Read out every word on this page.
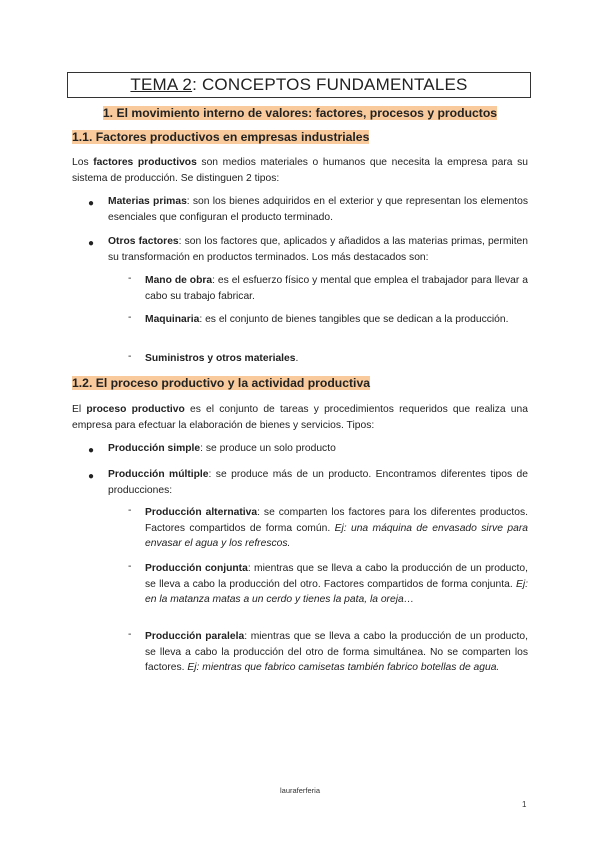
TEMA 2: CONCEPTOS FUNDAMENTALES
1. El movimiento interno de valores: factores, procesos y productos
1.1. Factores productivos en empresas industriales
Los factores productivos son medios materiales o humanos que necesita la empresa para su sistema de producción. Se distinguen 2 tipos:
● Materias primas: son los bienes adquiridos en el exterior y que representan los elementos esenciales que configuran el producto terminado.
● Otros factores: son los factores que, aplicados y añadidos a las materias primas, permiten su transformación en productos terminados. Los más destacados son:
- Mano de obra: es el esfuerzo físico y mental que emplea el trabajador para llevar a cabo su trabajo fabricar.
- Maquinaria: es el conjunto de bienes tangibles que se dedican a la producción.
- Suministros y otros materiales.
1.2. El proceso productivo y la actividad productiva
El proceso productivo es el conjunto de tareas y procedimientos requeridos que realiza una empresa para efectuar la elaboración de bienes y servicios. Tipos:
● Producción simple: se produce un solo producto
● Producción múltiple: se produce más de un producto. Encontramos diferentes tipos de producciones:
- Producción alternativa: se comparten los factores para los diferentes productos. Factores compartidos de forma común. Ej: una máquina de envasado sirve para envasar el agua y los refrescos.
- Producción conjunta: mientras que se lleva a cabo la producción de un producto, se lleva a cabo la producción del otro. Factores compartidos de forma conjunta. Ej: en la matanza matas a un cerdo y tienes la pata, la oreja…
- Producción paralela: mientras que se lleva a cabo la producción de un producto, se lleva a cabo la producción del otro de forma simultánea. No se comparten los factores. Ej: mientras que fabrico camisetas también fabrico botellas de agua.
lauraferferia
1
